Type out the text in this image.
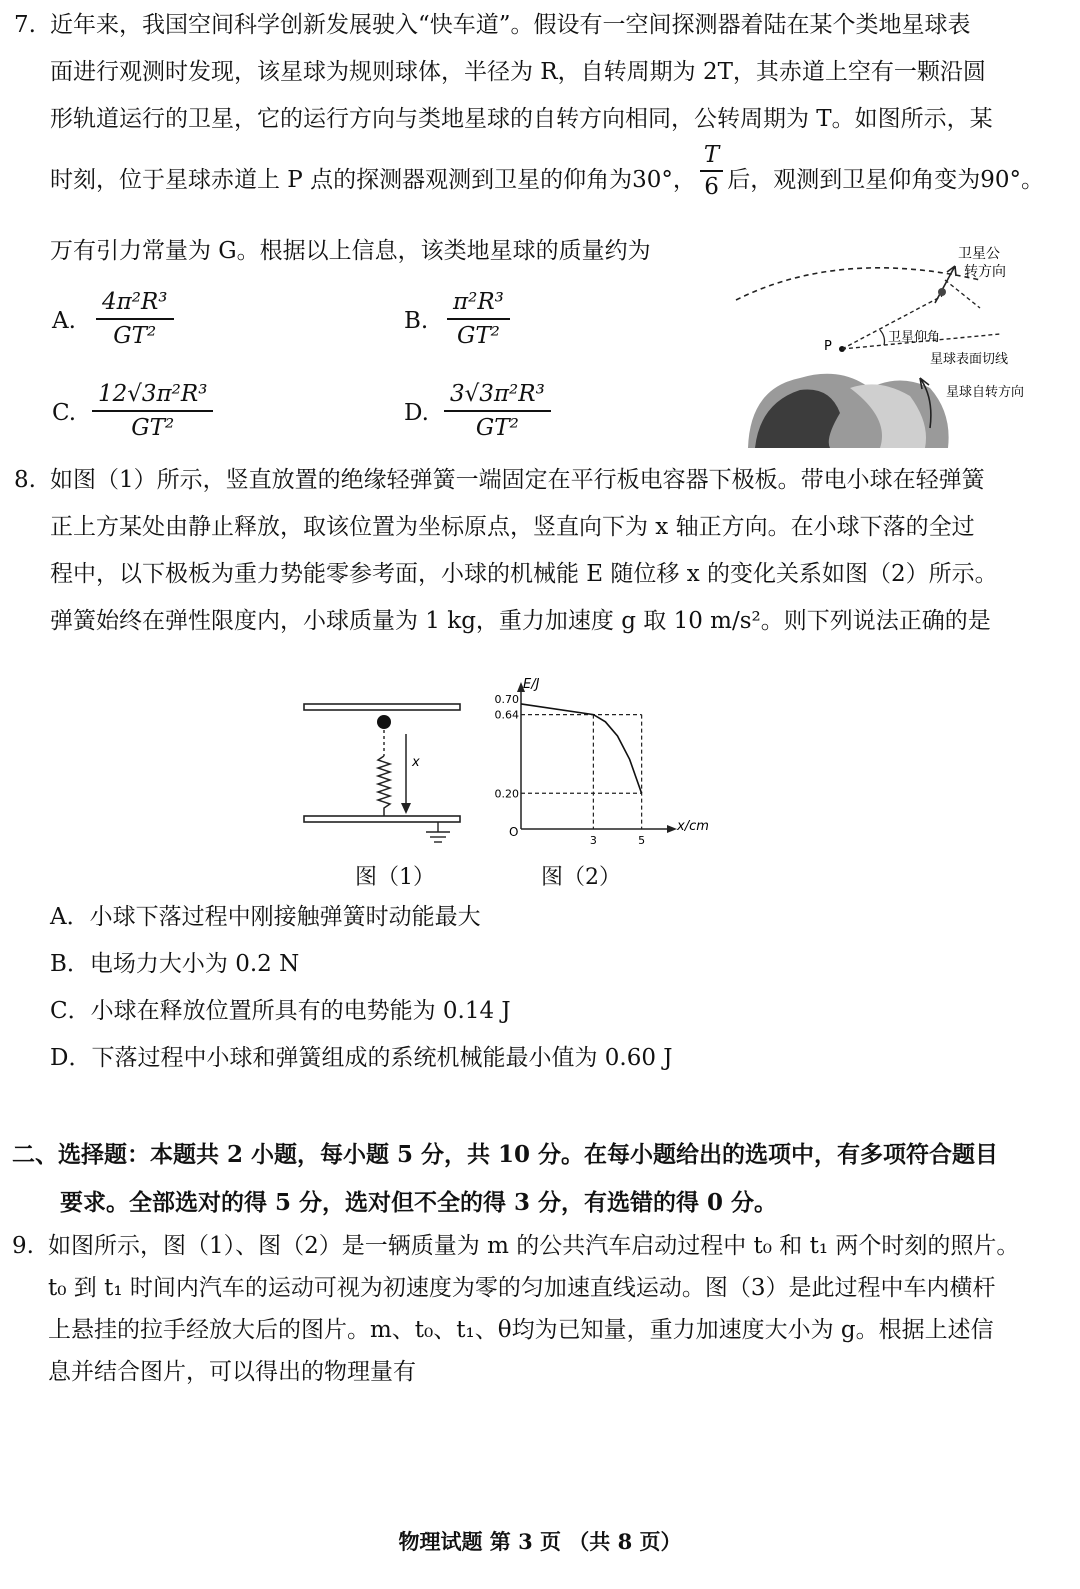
7. 近年来，我国空间科学创新发展驶入“快车道”。假设有一空间探测器着陆在某个类地星球表
面进行观测时发现，该星球为规则球体，半径为 R，自转周期为 2T，其赤道上空有一颗沿圆
形轨道运行的卫星，它的运行方向与类地星球的自转方向相同，公转周期为 T。如图所示，某
时刻，位于星球赤道上 P 点的探测器观测到卫星的仰角为30°， $\frac{T}{6}$ 后，观测到卫星仰角变为90°。
万有引力常量为 G。根据以上信息，该类地星球的质量约为
A. $\frac{\text{4π²R³}}{\text{GT²}}$	B. $\frac{\text{π²R³}}{\text{GT²}}$
C. $\frac{\text{12√3π²R³}}{\text{GT²}}$	D. $\frac{\text{3√3π²R³}}{\text{GT²}}$
卫星公
转方向
P
卫星仰角
星球表面切线
星球自转方向
8. 如图（1）所示，竖直放置的绝缘轻弹簧一端固定在平行板电容器下极板。带电小球在轻弹簧
正上方某处由静止释放，取该位置为坐标原点，竖直向下为 x 轴正方向。在小球下落的全过
程中，以下极板为重力势能零参考面，小球的机械能 E 随位移 x 的变化关系如图（2）所示。
弹簧始终在弹性限度内，小球质量为 1 kg，重力加速度 g 取 10 m/s²。则下列说法正确的是
x
图（1）
E/J
x/cm
O
0.20
0.64
0.70
3	5
图（2）
A．小球下落过程中刚接触弹簧时动能最大
B．电场力大小为 0.2 N
C．小球在释放位置所具有的电势能为 0.14 J
D．下落过程中小球和弹簧组成的系统机械能最小值为 0.60 J
二、选择题：本题共 2 小题，每小题 5 分，共 10 分。在每小题给出的选项中，有多项符合题目
要求。全部选对的得 5 分，选对但不全的得 3 分，有选错的得 0 分。
9. 如图所示，图（1）、图（2）是一辆质量为 m 的公共汽车启动过程中 t₀ 和 t₁ 两个时刻的照片。
t₀ 到 t₁ 时间内汽车的运动可视为初速度为零的匀加速直线运动。图（3）是此过程中车内横杆
上悬挂的拉手经放大后的图片。m、t₀、t₁、θ均为已知量，重力加速度大小为 g。根据上述信
息并结合图片，可以得出的物理量有
物理试题 第 3 页 （共 8 页）
